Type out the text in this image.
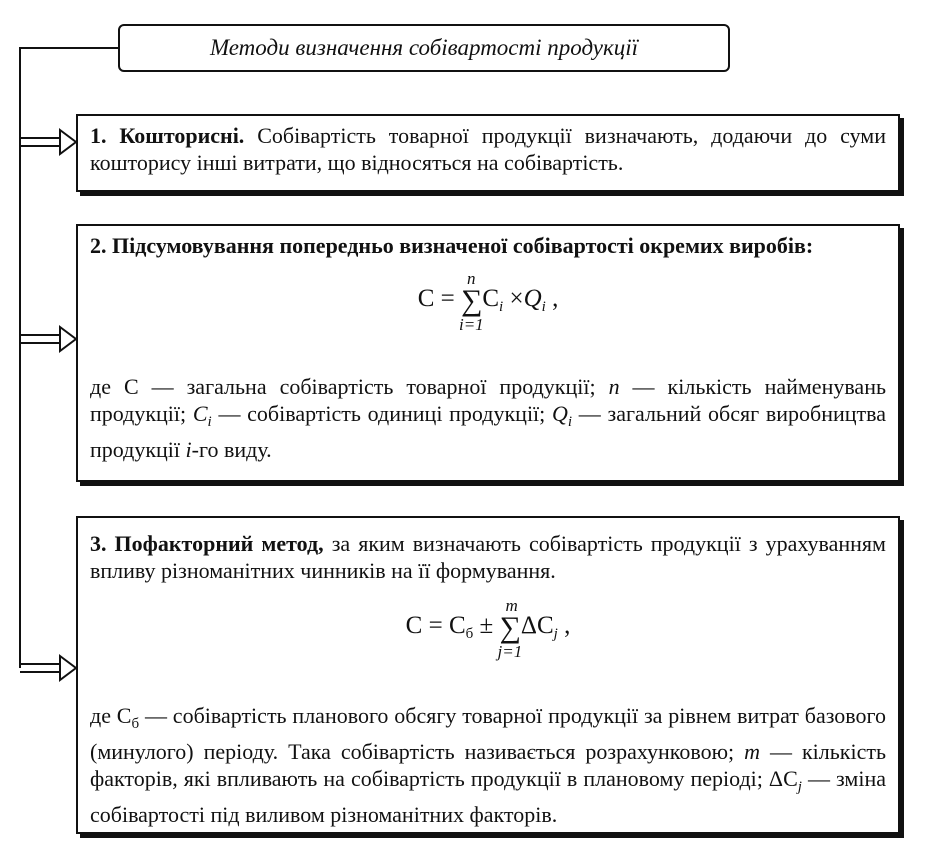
Методи визначення собівартості продукції
1. Кошторисні. Собівартість товарної продукції визначають, додаючи до суми кошторису інші витрати, що відносяться на собівартість.
2. Підсумовування попередньо визначеної собівартості окремих виробів:
C = ∑
n
i=1
$C_i \times Q_i$ ,
де С — загальна собівартість товарної продукції; n — кількість найменувань продукції; $C_i$ — собівартість одиниці продукції; $Q_i$ — загальний обсяг виробництва продукції i-го виду.
3. Пофакторний метод, за яким визначають собівартість продукції з урахуванням впливу різноманітних чинників на її формування.
$C = C_б$ ± ∑
m
j=1
$\Delta C_j$ ,
де $С_б$ — собівартість планового обсягу товарної продукції за рівнем витрат базового (минулого) періоду. Така собівартість називається розрахунковою; m — кількість факторів, які впливають на собівартість продукції в плановому періоді; $\Delta C_j$ — зміна собівартості під виливом різноманітних факторів.
